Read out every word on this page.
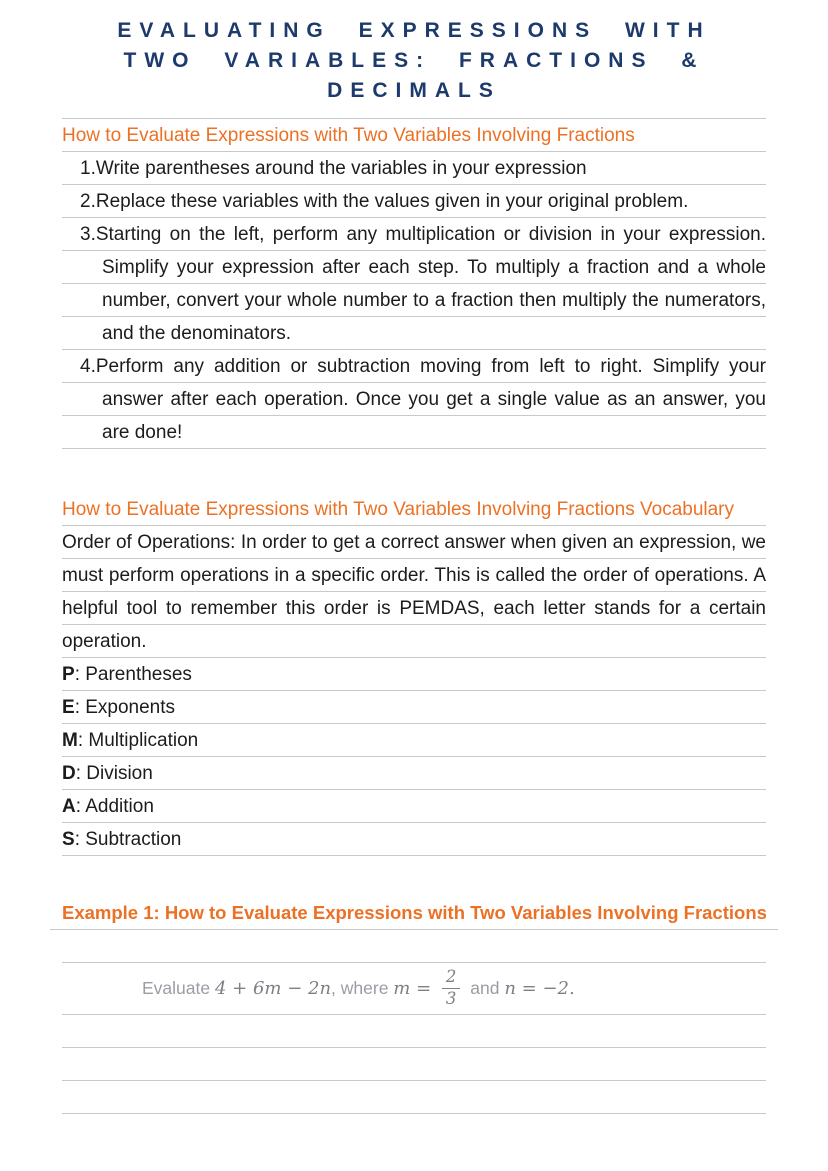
EVALUATING EXPRESSIONS WITH
TWO VARIABLES: FRACTIONS &
DECIMALS
How to Evaluate Expressions with Two Variables Involving Fractions
1.Write parentheses around the variables in your expression
2.Replace these variables with the values given in your original problem.
3.Starting on the left, perform any multiplication or division in your expression. Simplify your expression after each step. To multiply a fraction and a whole number, convert your whole number to a fraction then multiply the numerators, and the denominators.
4.Perform any addition or subtraction moving from left to right. Simplify your answer after each operation. Once you get a single value as an answer, you are done!
How to Evaluate Expressions with Two Variables Involving Fractions Vocabulary

Order of Operations: In order to get a correct answer when given an expression, we must perform operations in a specific order. This is called the order of operations. A helpful tool to remember this order is PEMDAS, each letter stands for a certain operation.

P: Parentheses
E: Exponents
M: Multiplication
D: Division
A: Addition
S: Subtraction
Example 1: How to Evaluate Expressions with Two Variables Involving Fractions
Evaluate 4 + 6m − 2n , where $m = \frac{2}{3}$ and n = −2.
